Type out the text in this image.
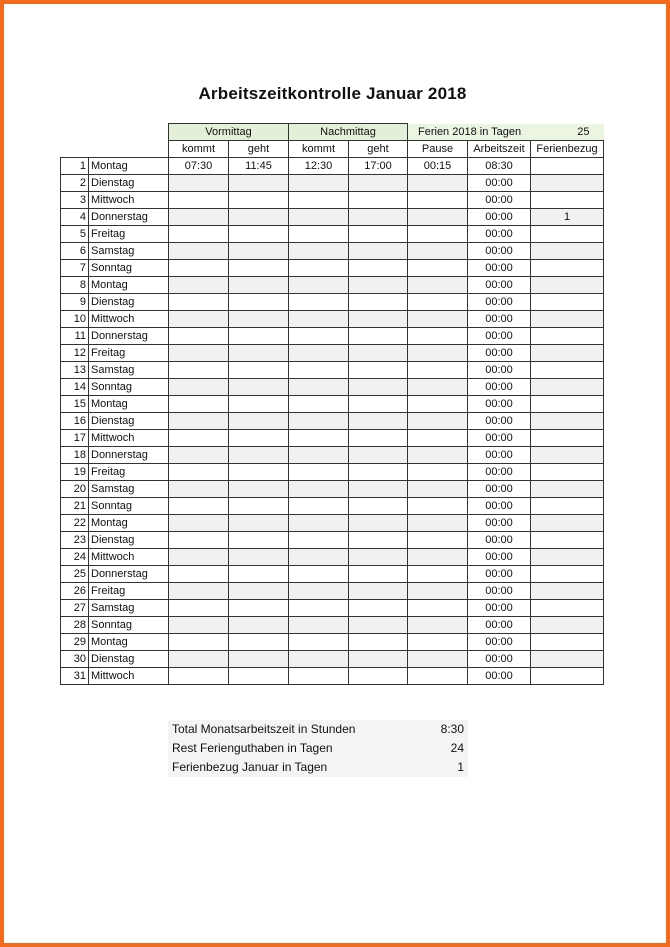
Arbeitszeitkontrolle Januar 2018
		Vormittag		Nachmittag		Ferien 2018 in Tagen 25		

		kommt	geht	kommt	geht	Pause	Arbeitszeit	Ferienbezug
1	Montag	07:30	11:45	12:30	17:00	00:15	08:30	
2	Dienstag						00:00	
3	Mittwoch						00:00	
4	Donnerstag						00:00	1
5	Freitag						00:00	
6	Samstag						00:00	
7	Sonntag						00:00	
8	Montag						00:00	
9	Dienstag						00:00	
10	Mittwoch						00:00	
11	Donnerstag						00:00	
12	Freitag						00:00	
13	Samstag						00:00	
14	Sonntag						00:00	
15	Montag						00:00	
16	Dienstag						00:00	
17	Mittwoch						00:00	
18	Donnerstag						00:00	
19	Freitag						00:00	
20	Samstag						00:00	
21	Sonntag						00:00	
22	Montag						00:00	
23	Dienstag						00:00	
24	Mittwoch						00:00	
25	Donnerstag						00:00	
26	Freitag						00:00	
27	Samstag						00:00	
28	Sonntag						00:00	
29	Montag						00:00	
30	Dienstag						00:00	
31	Mittwoch						00:00	
Total Monatsarbeitszeit in Stunden	8:30
Rest Ferienguthaben in Tagen	24
Ferienbezug Januar in Tagen	1
